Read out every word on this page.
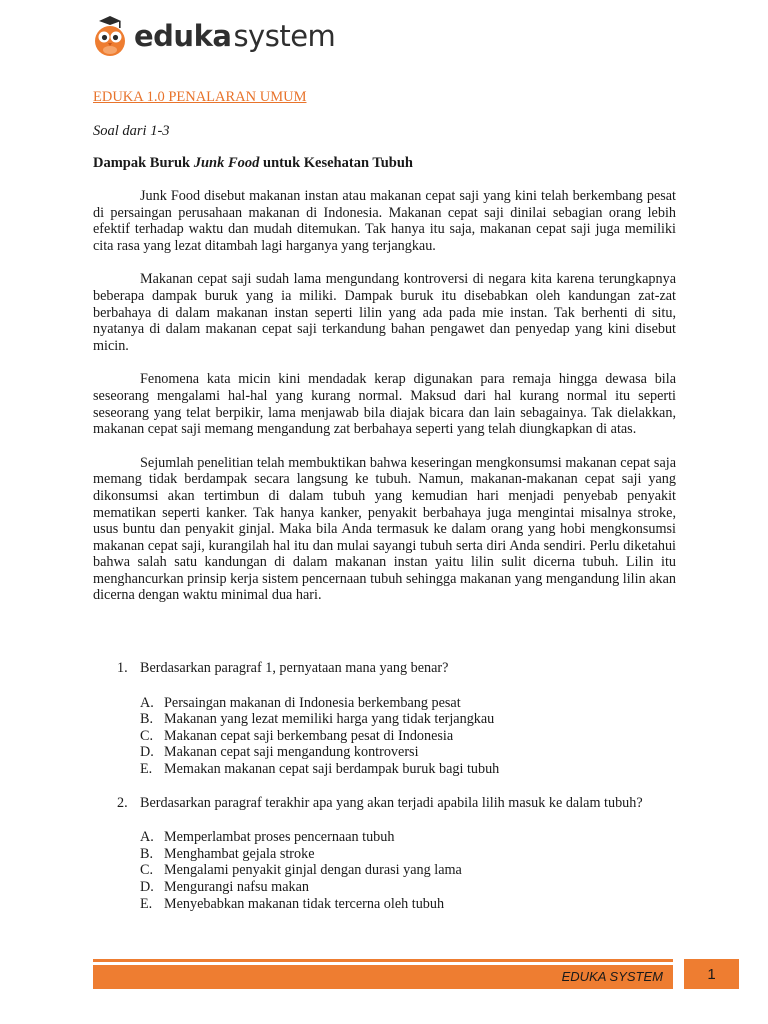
edukasystem
EDUKA 1.0 PENALARAN UMUM
Soal dari 1-3
Dampak Buruk Junk Food untuk Kesehatan Tubuh

Junk Food disebut makanan instan atau makanan cepat saji yang kini telah berkembang pesat di persaingan perusahaan makanan di Indonesia. Makanan cepat saji dinilai sebagian orang lebih efektif terhadap waktu dan mudah ditemukan. Tak hanya itu saja, makanan cepat saji juga memiliki cita rasa yang lezat ditambah lagi harganya yang terjangkau.

Makanan cepat saji sudah lama mengundang kontroversi di negara kita karena terungkapnya beberapa dampak buruk yang ia miliki. Dampak buruk itu disebabkan oleh kandungan zat-zat berbahaya di dalam makanan instan seperti lilin yang ada pada mie instan. Tak berhenti di situ, nyatanya di dalam makanan cepat saji terkandung bahan pengawet dan penyedap yang kini disebut micin.

Fenomena kata micin kini mendadak kerap digunakan para remaja hingga dewasa bila seseorang mengalami hal-hal yang kurang normal. Maksud dari hal kurang normal itu seperti seseorang yang telat berpikir, lama menjawab bila diajak bicara dan lain sebagainya. Tak dielakkan, makanan cepat saji memang mengandung zat berbahaya seperti yang telah diungkapkan di atas.

Sejumlah penelitian telah membuktikan bahwa keseringan mengkonsumsi makanan cepat saja memang tidak berdampak secara langsung ke tubuh. Namun, makanan-makanan cepat saji yang dikonsumsi akan tertimbun di dalam tubuh yang kemudian hari menjadi penyebab penyakit mematikan seperti kanker. Tak hanya kanker, penyakit berbahaya juga mengintai misalnya stroke, usus buntu dan penyakit ginjal. Maka bila Anda termasuk ke dalam orang yang hobi mengkonsumsi makanan cepat saji, kurangilah hal itu dan mulai sayangi tubuh serta diri Anda sendiri. Perlu diketahui bahwa salah satu kandungan di dalam makanan instan yaitu lilin sulit dicerna tubuh. Lilin itu menghancurkan prinsip kerja sistem pencernaan tubuh sehingga makanan yang mengandung lilin akan dicerna dengan waktu minimal dua hari.

1. Berdasarkan paragraf 1, pernyataan mana yang benar?
A. Persaingan makanan di Indonesia berkembang pesat
B. Makanan yang lezat memiliki harga yang tidak terjangkau
C. Makanan cepat saji berkembang pesat di Indonesia
D. Makanan cepat saji mengandung kontroversi
E. Memakan makanan cepat saji berdampak buruk bagi tubuh
2. Berdasarkan paragraf terakhir apa yang akan terjadi apabila lilih masuk ke dalam tubuh?
A. Memperlambat proses pencernaan tubuh
B. Menghambat gejala stroke
C. Mengalami penyakit ginjal dengan durasi yang lama
D. Mengurangi nafsu makan
E. Menyebabkan makanan tidak tercerna oleh tubuh
EDUKA SYSTEM	1
